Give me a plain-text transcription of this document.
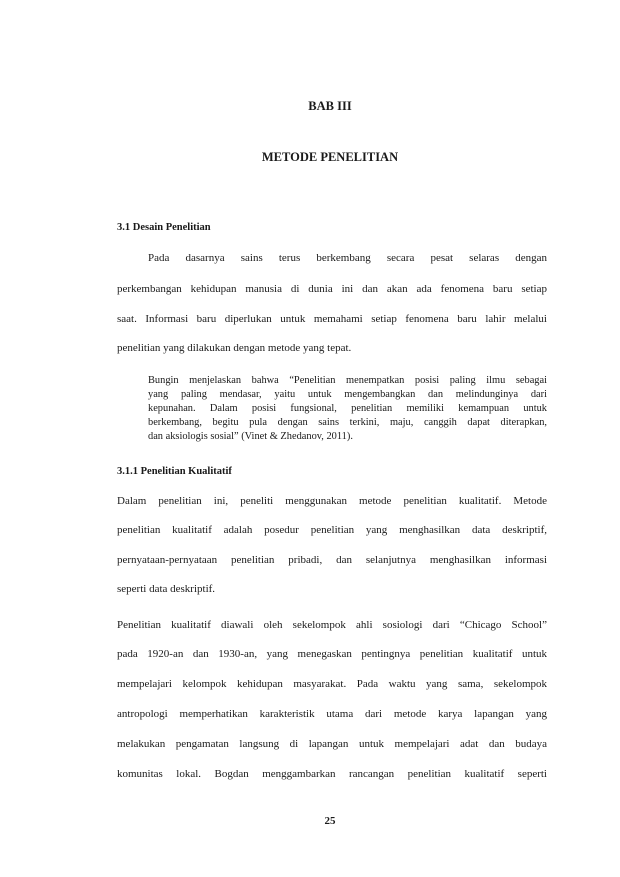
BAB III

METODE PENELITIAN

3.1 Desain Penelitian

Pada dasarnya sains terus berkembang secara pesat selaras dengan

perkembangan kehidupan manusia di dunia ini dan akan ada fenomena baru setiap

saat. Informasi baru diperlukan untuk memahami setiap fenomena baru lahir melalui

penelitian yang dilakukan dengan metode yang tepat.

Bungin menjelaskan bahwa “Penelitian menempatkan posisi paling ilmu sebagai

yang paling mendasar, yaitu untuk mengembangkan dan melindunginya dari

kepunahan. Dalam posisi fungsional, penelitian memiliki kemampuan untuk

berkembang, begitu pula dengan sains terkini, maju, canggih dapat diterapkan,

dan aksiologis sosial” (Vinet & Zhedanov, 2011).

3.1.1 Penelitian Kualitatif

Dalam penelitian ini, peneliti menggunakan metode penelitian kualitatif. Metode

penelitian kualitatif adalah posedur penelitian yang menghasilkan data deskriptif,

pernyataan-pernyataan penelitian pribadi, dan selanjutnya menghasilkan informasi

seperti data deskriptif.

Penelitian kualitatif diawali oleh sekelompok ahli sosiologi dari “Chicago School”

pada 1920-an dan 1930-an, yang menegaskan pentingnya penelitian kualitatif untuk

mempelajari kelompok kehidupan masyarakat. Pada waktu yang sama, sekelompok

antropologi memperhatikan karakteristik utama dari metode karya lapangan yang

melakukan pengamatan langsung di lapangan untuk mempelajari adat dan budaya

komunitas lokal. Bogdan menggambarkan rancangan penelitian kualitatif seperti

25
